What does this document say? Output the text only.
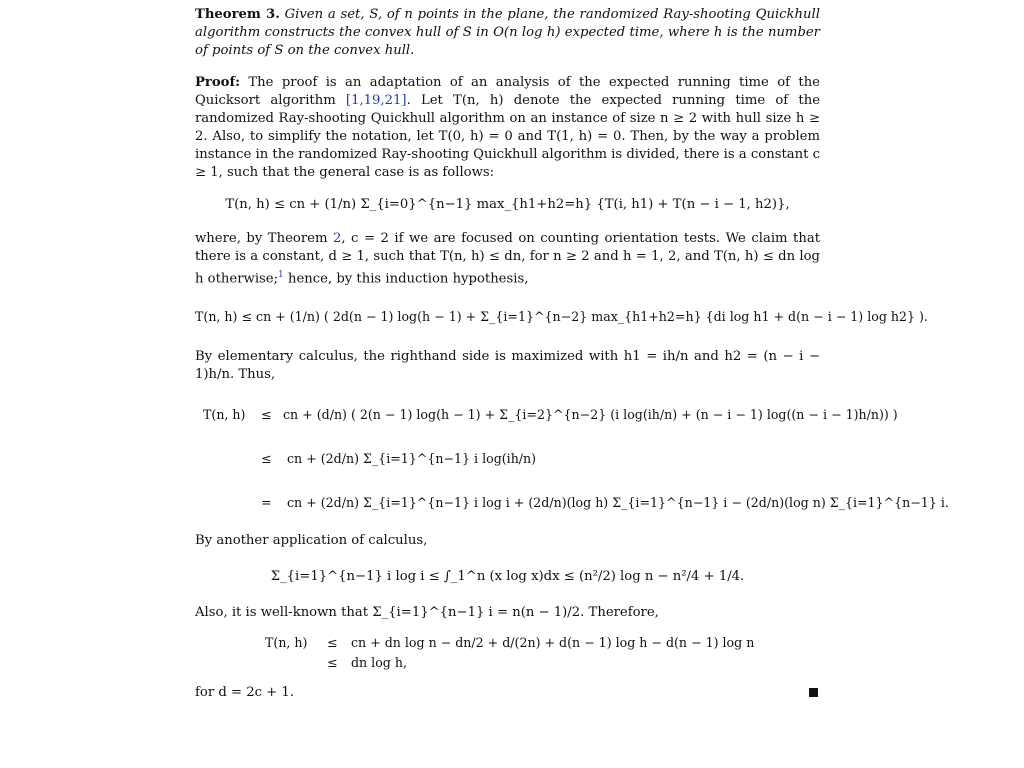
Theorem 3. Given a set, S, of n points in the plane, the randomized Ray-shooting Quickhull algorithm constructs the convex hull of S in O(n log h) expected time, where h is the number of points of S on the convex hull.

Proof: The proof is an adaptation of an analysis of the expected running time of the Quicksort algorithm [1,19,21]. Let T(n, h) denote the expected running time of the randomized Ray-shooting Quickhull algorithm on an instance of size n ≥ 2 with hull size h ≥ 2. Also, to simplify the notation, let T(0, h) = 0 and T(1, h) = 0. Then, by the way a problem instance in the randomized Ray-shooting Quickhull algorithm is divided, there is a constant c ≥ 1, such that the general case is as follows:

T(n, h) ≤ cn + (1/n) Σ_{i=0}^{n−1} max_{h1+h2=h} {T(i, h1) + T(n − i − 1, h2)},

where, by Theorem 2, c = 2 if we are focused on counting orientation tests. We claim that there is a constant, d ≥ 1, such that T(n, h) ≤ dn, for n ≥ 2 and h = 1, 2, and T(n, h) ≤ dn log h otherwise;$^1$ hence, by this induction hypothesis,

T(n, h) ≤ cn + (1/n) ( 2d(n − 1) log(h − 1) + Σ_{i=1}^{n−2} max_{h1+h2=h} {di log h1 + d(n − i − 1) log h2} ).

By elementary calculus, the righthand side is maximized with h1 = ih/n and h2 = (n − i − 1)h/n. Thus,

T(n, h) ≤ cn + (d/n) ( 2(n − 1) log(h − 1) + Σ_{i=2}^{n−2} (i log(ih/n) + (n − i − 1) log((n − i − 1)h/n)) )
≤ cn + (2d/n) Σ_{i=1}^{n−1} i log(ih/n)
= cn + (2d/n) Σ_{i=1}^{n−1} i log i + (2d/n)(log h) Σ_{i=1}^{n−1} i − (2d/n)(log n) Σ_{i=1}^{n−1} i.

By another application of calculus,

Σ_{i=1}^{n−1} i log i ≤ ∫_1^n (x log x)dx ≤ (n²/2) log n − n²/4 + 1/4.

Also, it is well-known that Σ_{i=1}^{n−1} i = n(n − 1)/2. Therefore,

T(n, h) ≤ cn + dn log n − dn/2 + d/(2n) + d(n − 1) log h − d(n − 1) log n
≤ dn log h,

for d = 2c + 1.
